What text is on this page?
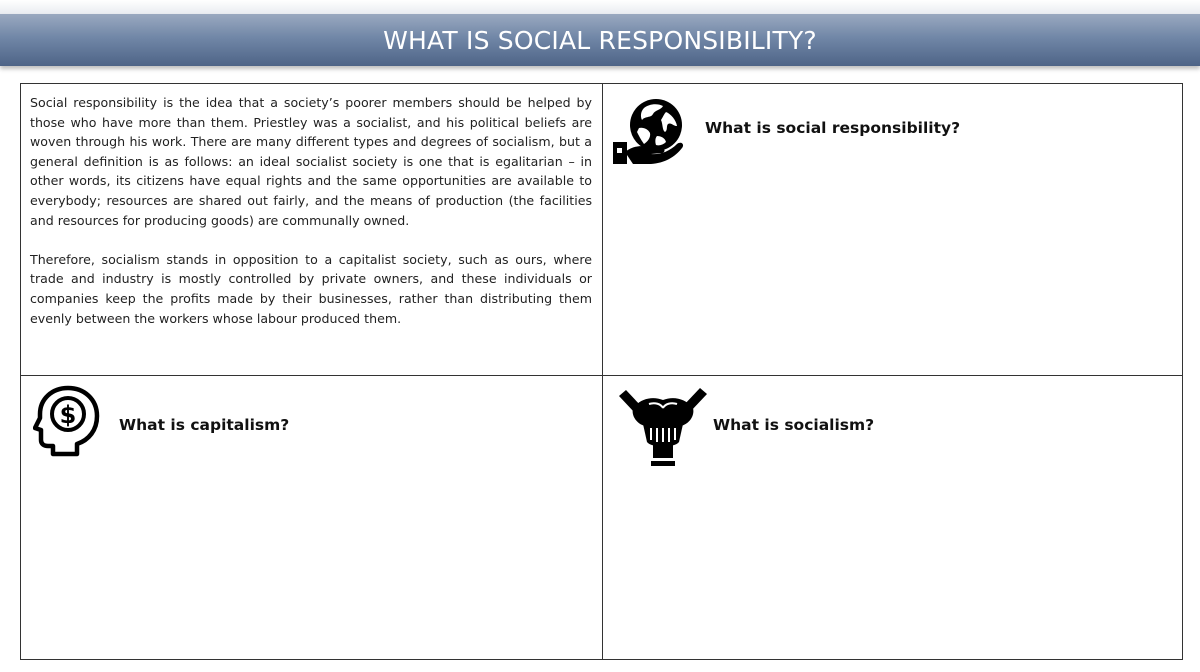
WHAT IS SOCIAL RESPONSIBILITY?

Social responsibility is the idea that a society’s poorer members should be helped by those who have more than them. Priestley was a socialist, and his political beliefs are woven through his work. There are many different types and degrees of socialism, but a general definition is as follows: an ideal socialist society is one that is egalitarian – in other words, its citizens have equal rights and the same opportunities are available to everybody; resources are shared out fairly, and the means of production (the facilities and resources for producing goods) are communally owned.

Therefore, socialism stands in opposition to a capitalist society, such as ours, where trade and industry is mostly controlled by private owners, and these individuals or companies keep the profits made by their businesses, rather than distributing them evenly between the workers whose labour produced them.

What is social responsibility?
$	What is capitalism?	What is socialism?
